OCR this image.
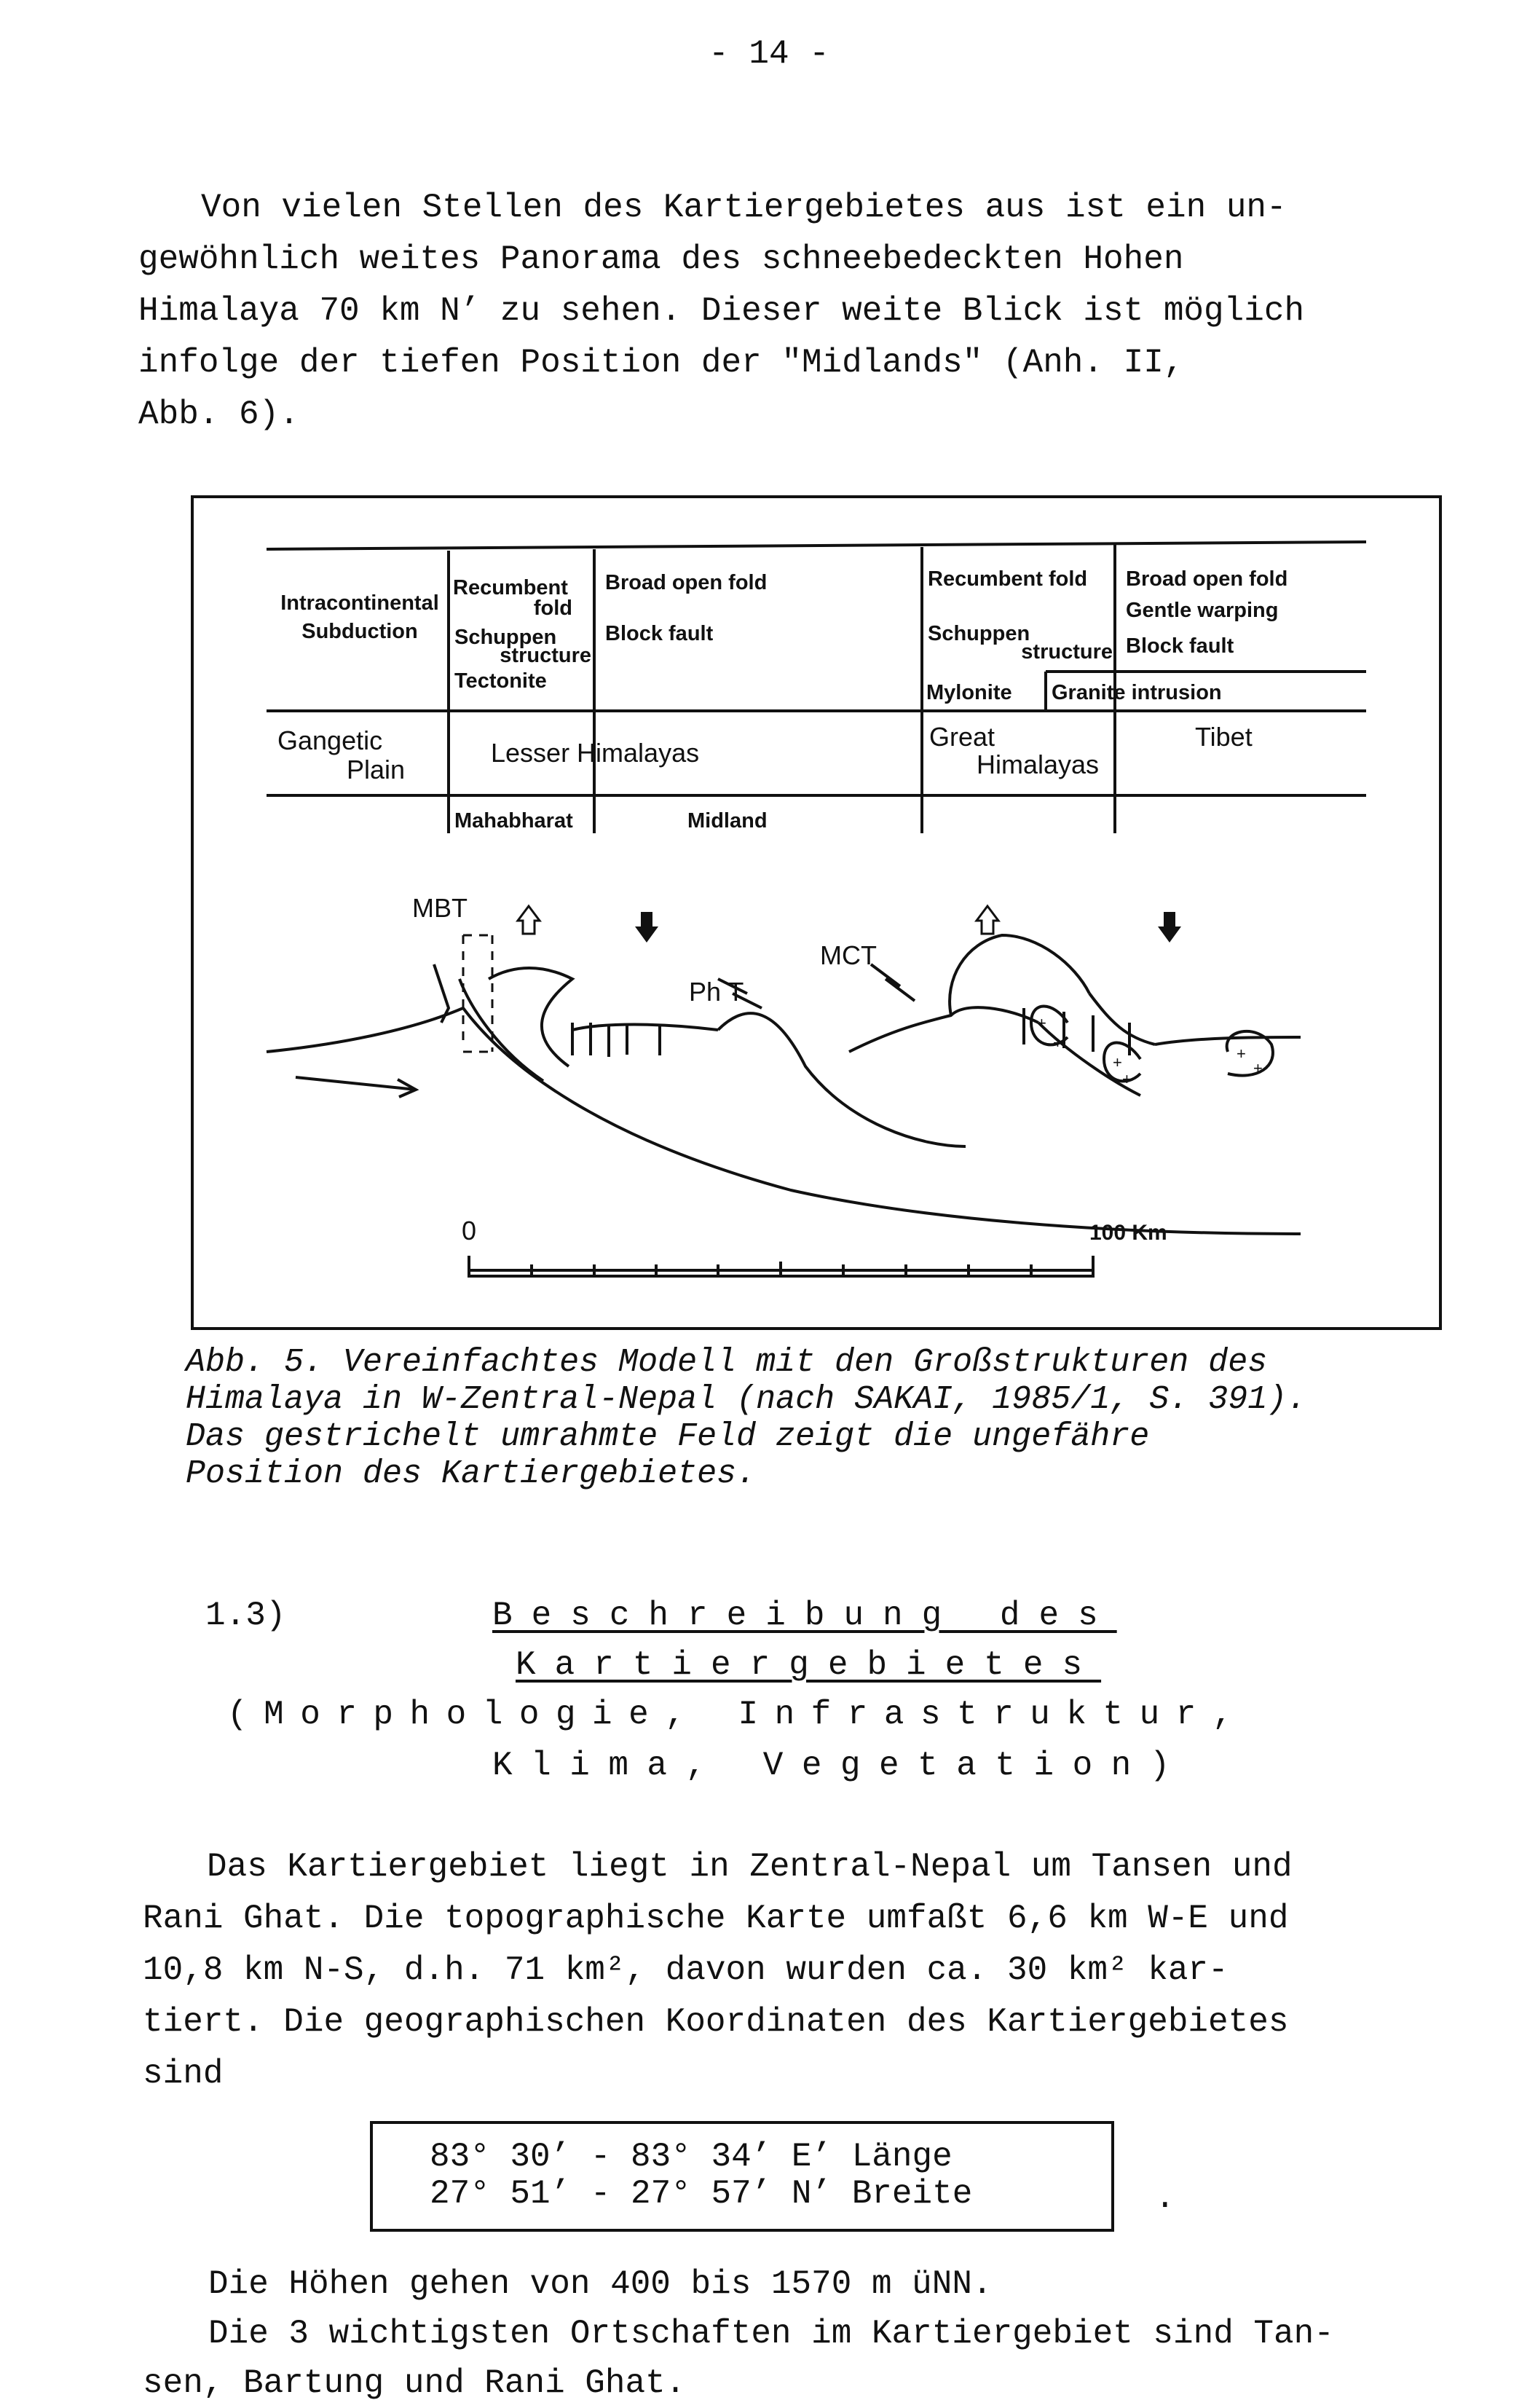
- 14 -
Von vielen Stellen des Kartiergebietes aus ist ein un-
gewöhnlich weites Panorama des schneebedeckten Hohen
Himalaya 70 km N’ zu sehen. Dieser weite Blick ist möglich
infolge der tiefen Position der "Midlands" (Anh. II,
Abb. 6).
Intracontinental
Subduction
Recumbent
fold
Schuppen
structure
Tectonite
Broad open fold
Block fault
Recumbent fold
Schuppen
structure
Mylonite
Broad open fold
Gentle warping
Block fault
Granite intrusion
Mahabharat	Midland
Gangetic
Plain
Lesser Himalayas
Great
Himalayas
Tibet
MBT
Ph T
MCT
0	100 Km
+
+
+
+
+
+
Abb. 5. Vereinfachtes Modell mit den Großstrukturen des
Himalaya in W-Zentral-Nepal (nach SAKAI, 1985/1, S. 391).
Das gestrichelt umrahmte Feld zeigt die ungefähre
Position des Kartiergebietes.
1.3)	Beschreibung des
Kartiergebietes
(Morphologie, Infrastruktur,
Klima, Vegetation)
Das Kartiergebiet liegt in Zentral-Nepal um Tansen und
Rani Ghat. Die topographische Karte umfaßt 6,6 km W-E und
10,8 km N-S, d.h. 71 km², davon wurden ca. 30 km² kar-
tiert. Die geographischen Koordinaten des Kartiergebietes
sind
83° 30’ - 83° 34’ E’ Länge
27° 51’ - 27° 57’ N’ Breite	.
Die Höhen gehen von 400 bis 1570 m üNN.
Die 3 wichtigsten Ortschaften im Kartiergebiet sind Tan-
sen, Bartung und Rani Ghat.
